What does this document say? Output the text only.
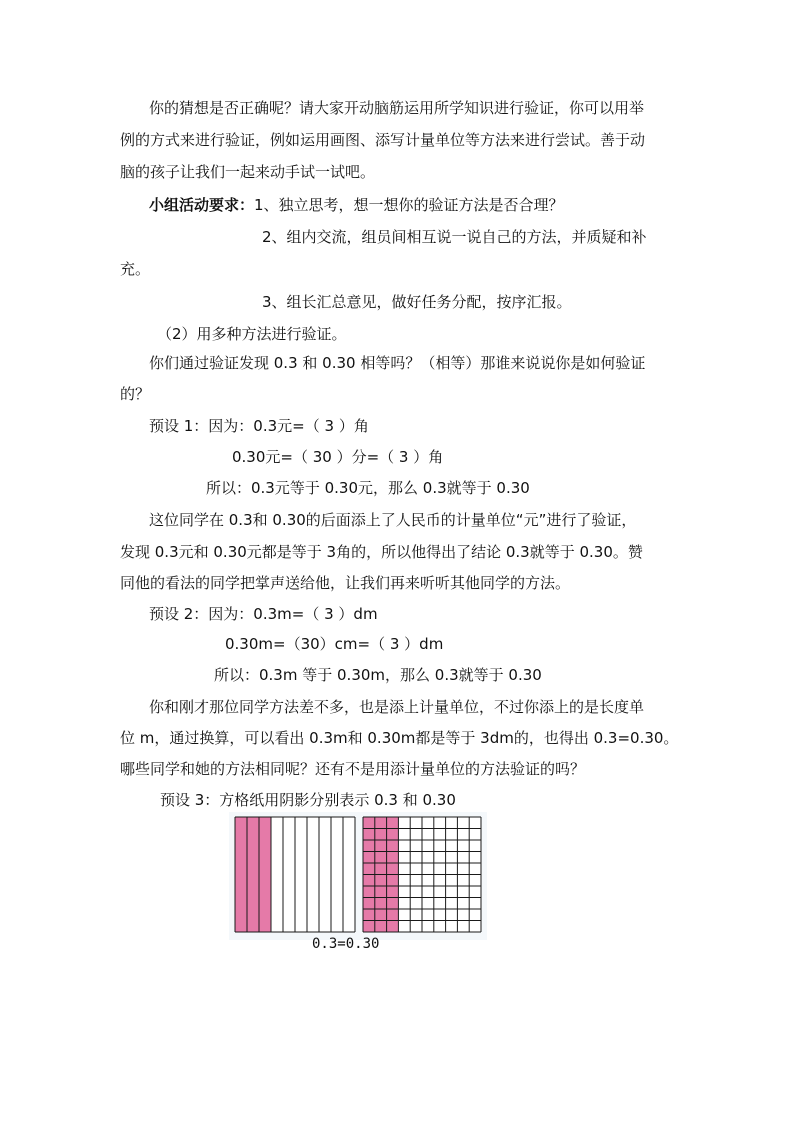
你的猜想是否正确呢？请大家开动脑筋运用所学知识进行验证，你可以用举
例的方式来进行验证，例如运用画图、添写计量单位等方法来进行尝试。善于动
脑的孩子让我们一起来动手试一试吧。
小组活动要求：1、独立思考，想一想你的验证方法是否合理？
2、组内交流，组员间相互说一说自己的方法，并质疑和补
充。
3、组长汇总意见，做好任务分配，按序汇报。
（2）用多种方法进行验证。
你们通过验证发现 0.3 和 0.30 相等吗？（相等）那谁来说说你是如何验证
的？
预设 1：因为：0.3元=（ 3 ）角
0.30元=（ 30 ）分=（ 3 ）角
所以：0.3元等于 0.30元，那么 0.3就等于 0.30
这位同学在 0.3和 0.30的后面添上了人民币的计量单位“元”进行了验证，
发现 0.3元和 0.30元都是等于 3角的，所以他得出了结论 0.3就等于 0.30。赞
同他的看法的同学把掌声送给他，让我们再来听听其他同学的方法。
预设 2：因为：0.3m=（ 3 ）dm
0.30m=（30）cm=（ 3 ）dm
所以：0.3m 等于 0.30m，那么 0.3就等于 0.30
你和刚才那位同学方法差不多，也是添上计量单位，不过你添上的是长度单
位 m，通过换算，可以看出 0.3m和 0.30m都是等于 3dm的，也得出 0.3=0.30。
哪些同学和她的方法相同呢？还有不是用添计量单位的方法验证的吗？
预设 3：方格纸用阴影分别表示 0.3 和 0.30
0.3=0.30
